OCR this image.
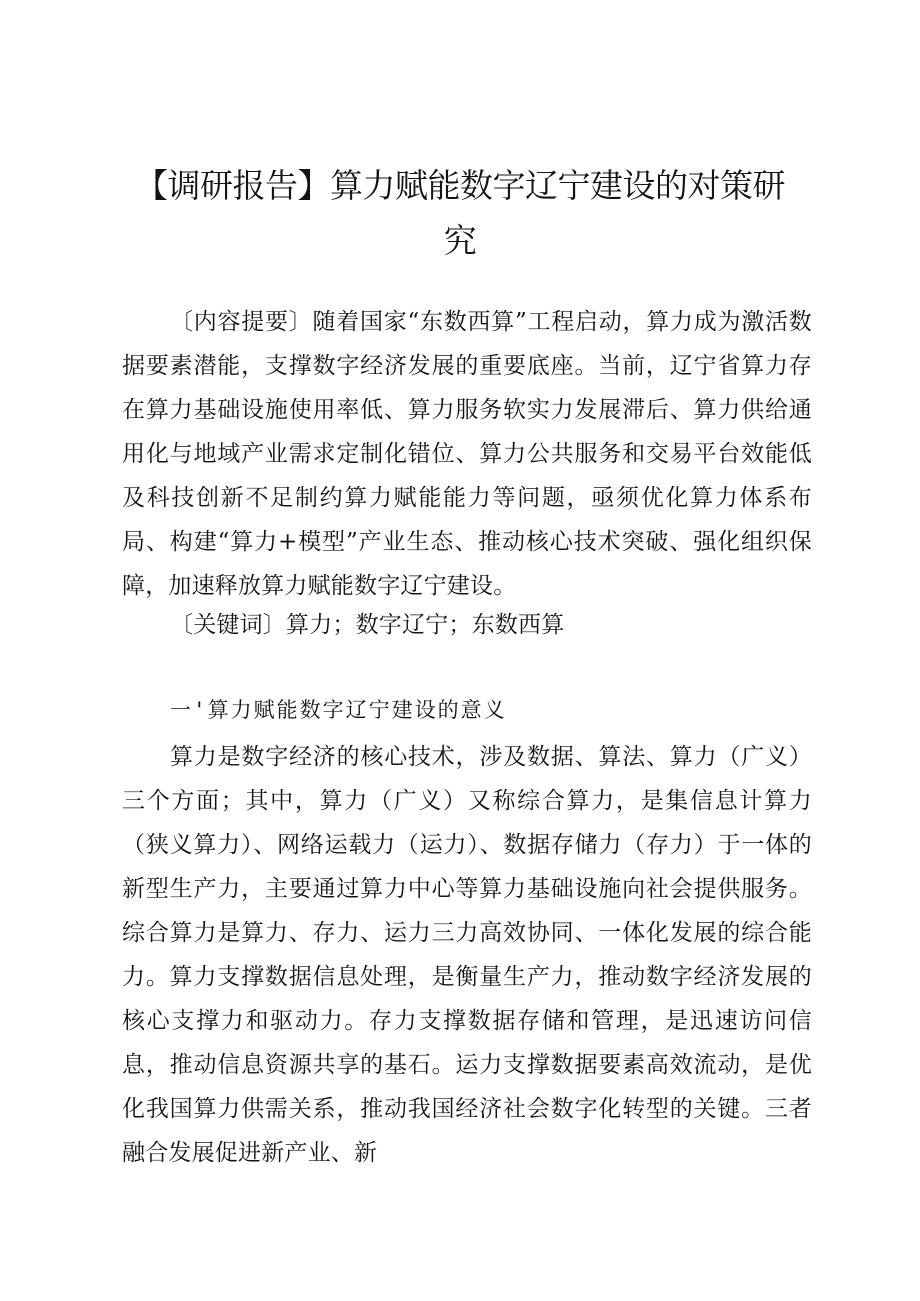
【调研报告】算力赋能数字辽宁建设的对策研
究

〔内容提要〕随着国家“东数西算”工程启动，算力成为激活数据要素潜能，支撑数字经济发展的重要底座。当前，辽宁省算力存在算力基础设施使用率低、算力服务软实力发展滞后、算力供给通用化与地域产业需求定制化错位、算力公共服务和交易平台效能低及科技创新不足制约算力赋能能力等问题，亟须优化算力体系布局、构建“算力+模型”产业生态、推动核心技术突破、强化组织保障，加速释放算力赋能数字辽宁建设。

〔关键词〕算力；数字辽宁；东数西算

一'算力赋能数字辽宁建设的意义

算力是数字经济的核心技术，涉及数据、算法、算力（广义）三个方面；其中，算力（广义）又称综合算力，是集信息计算力（狭义算力）、网络运载力（运力）、数据存储力（存力）于一体的新型生产力，主要通过算力中心等算力基础设施向社会提供服务。综合算力是算力、存力、运力三力高效协同、一体化发展的综合能力。算力支撑数据信息处理，是衡量生产力，推动数字经济发展的核心支撑力和驱动力。存力支撑数据存储和管理，是迅速访问信息，推动信息资源共享的基石。运力支撑数据要素高效流动，是优化我国算力供需关系，推动我国经济社会数字化转型的关键。三者融合发展促进新产业、新
